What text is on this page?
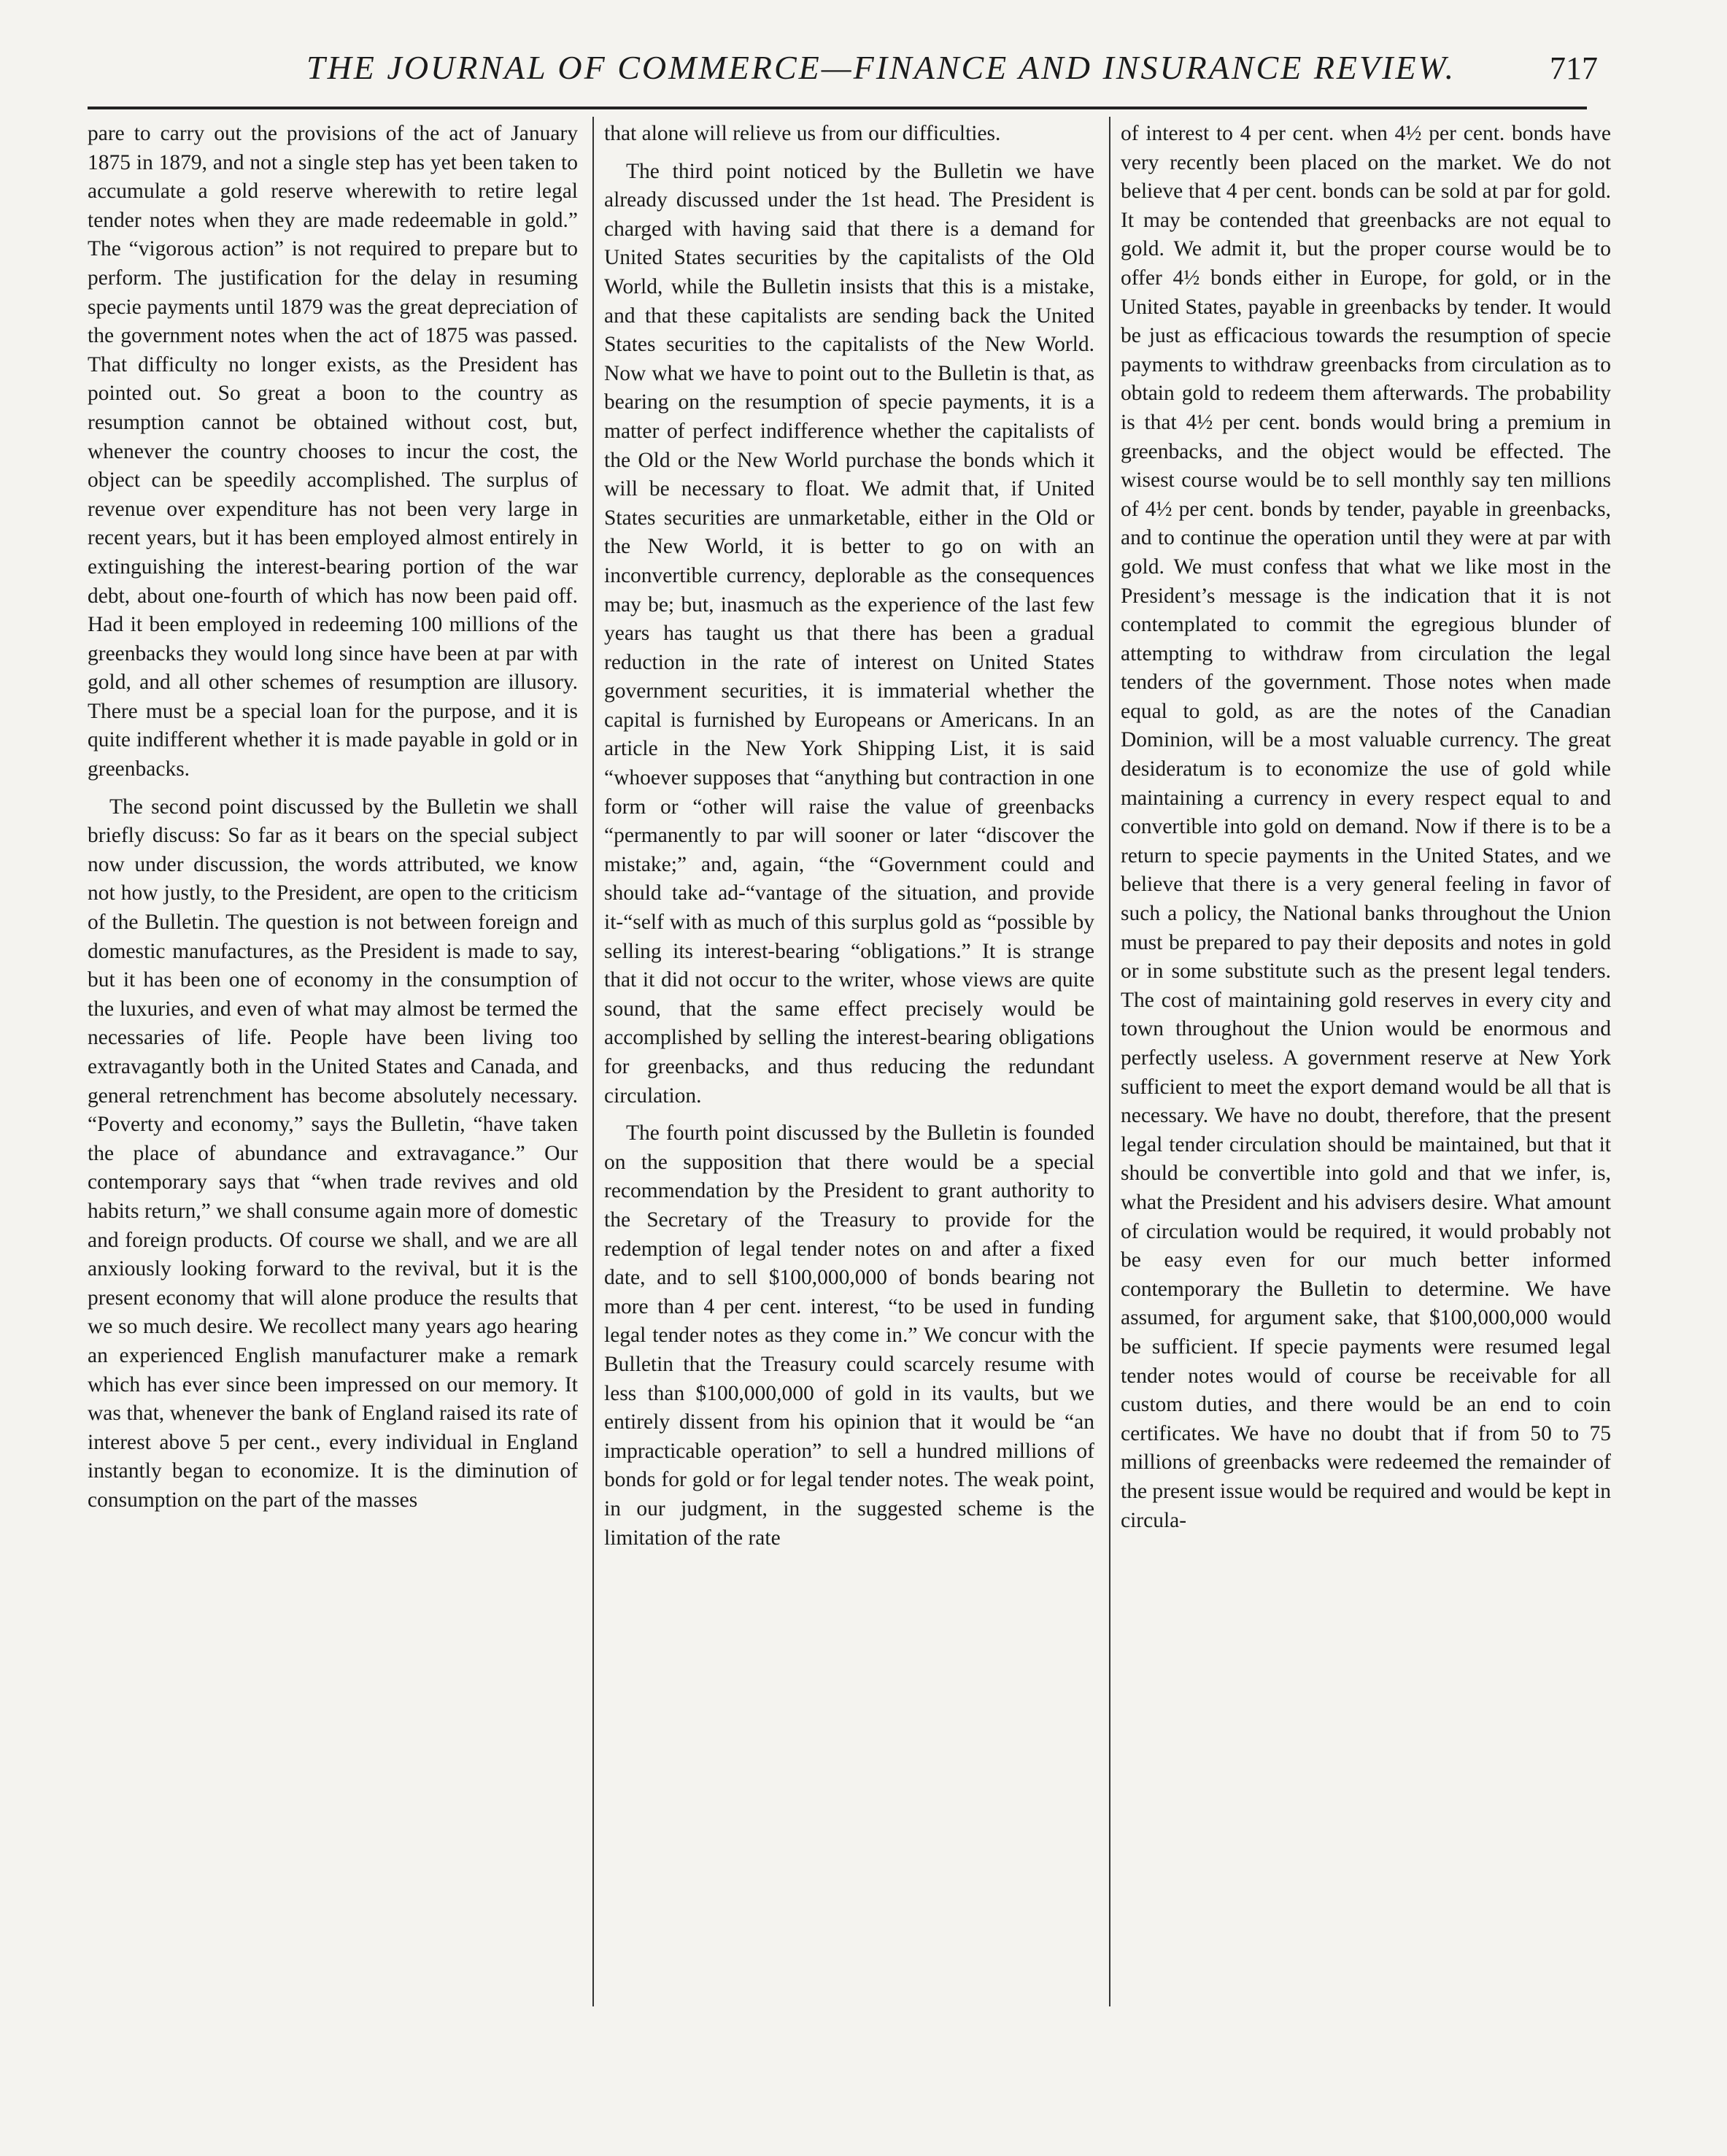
THE JOURNAL OF COMMERCE—FINANCE AND INSURANCE REVIEW.	717

pare to carry out the provisions of the act of January 1875 in 1879, and not a single step has yet been taken to accumulate a gold reserve wherewith to retire legal tender notes when they are made redeemable in gold.” The “vigorous action” is not required to prepare but to perform. The justification for the delay in resuming specie payments until 1879 was the great depreciation of the government notes when the act of 1875 was passed. That difficulty no longer exists, as the President has pointed out. So great a boon to the country as resumption cannot be obtained without cost, but, whenever the country chooses to incur the cost, the object can be speedily accomplished. The surplus of revenue over expenditure has not been very large in recent years, but it has been employed almost entirely in extinguishing the interest-bearing portion of the war debt, about one-fourth of which has now been paid off. Had it been employed in redeeming 100 millions of the greenbacks they would long since have been at par with gold, and all other schemes of resumption are illusory. There must be a special loan for the purpose, and it is quite indifferent whether it is made payable in gold or in greenbacks.

The second point discussed by the Bulletin we shall briefly discuss: So far as it bears on the special subject now under discussion, the words attributed, we know not how justly, to the President, are open to the criticism of the Bulletin. The question is not between foreign and domestic manufactures, as the President is made to say, but it has been one of economy in the consumption of the luxuries, and even of what may almost be termed the necessaries of life. People have been living too extravagantly both in the United States and Canada, and general retrenchment has become absolutely necessary. “Poverty and economy,” says the Bulletin, “have taken the place of abundance and extravagance.” Our contemporary says that “when trade revives and old habits return,” we shall consume again more of domestic and foreign products. Of course we shall, and we are all anxiously looking forward to the revival, but it is the present economy that will alone produce the results that we so much desire. We recollect many years ago hearing an experienced English manufacturer make a remark which has ever since been impressed on our memory. It was that, whenever the bank of England raised its rate of interest above 5 per cent., every individual in England instantly began to economize. It is the diminution of consumption on the part of the masses

that alone will relieve us from our difficulties.

The third point noticed by the Bulletin we have already discussed under the 1st head. The President is charged with having said that there is a demand for United States securities by the capitalists of the Old World, while the Bulletin insists that this is a mistake, and that these capitalists are sending back the United States securities to the capitalists of the New World. Now what we have to point out to the Bulletin is that, as bearing on the resumption of specie payments, it is a matter of perfect indifference whether the capitalists of the Old or the New World purchase the bonds which it will be necessary to float. We admit that, if United States securities are unmarketable, either in the Old or the New World, it is better to go on with an inconvertible currency, deplorable as the consequences may be; but, inasmuch as the experience of the last few years has taught us that there has been a gradual reduction in the rate of interest on United States government securities, it is immaterial whether the capital is furnished by Europeans or Americans. In an article in the New York Shipping List, it is said “whoever supposes that “anything but contraction in one form or “other will raise the value of greenbacks “permanently to par will sooner or later “discover the mistake;” and, again, “the “Government could and should take ad-“vantage of the situation, and provide it-“self with as much of this surplus gold as “possible by selling its interest-bearing “obligations.” It is strange that it did not occur to the writer, whose views are quite sound, that the same effect precisely would be accomplished by selling the interest-bearing obligations for greenbacks, and thus reducing the redundant circulation.

The fourth point discussed by the Bulletin is founded on the supposition that there would be a special recommendation by the President to grant authority to the Secretary of the Treasury to provide for the redemption of legal tender notes on and after a fixed date, and to sell $100,000,000 of bonds bearing not more than 4 per cent. interest, “to be used in funding legal tender notes as they come in.” We concur with the Bulletin that the Treasury could scarcely resume with less than $100,000,000 of gold in its vaults, but we entirely dissent from his opinion that it would be “an impracticable operation” to sell a hundred millions of bonds for gold or for legal tender notes. The weak point, in our judgment, in the suggested scheme is the limitation of the rate

of interest to 4 per cent. when 4½ per cent. bonds have very recently been placed on the market. We do not believe that 4 per cent. bonds can be sold at par for gold. It may be contended that greenbacks are not equal to gold. We admit it, but the proper course would be to offer 4½ bonds either in Europe, for gold, or in the United States, payable in greenbacks by tender. It would be just as efficacious towards the resumption of specie payments to withdraw greenbacks from circulation as to obtain gold to redeem them afterwards. The probability is that 4½ per cent. bonds would bring a premium in greenbacks, and the object would be effected. The wisest course would be to sell monthly say ten millions of 4½ per cent. bonds by tender, payable in greenbacks, and to continue the operation until they were at par with gold. We must confess that what we like most in the President’s message is the indication that it is not contemplated to commit the egregious blunder of attempting to withdraw from circulation the legal tenders of the government. Those notes when made equal to gold, as are the notes of the Canadian Dominion, will be a most valuable currency. The great desideratum is to economize the use of gold while maintaining a currency in every respect equal to and convertible into gold on demand. Now if there is to be a return to specie payments in the United States, and we believe that there is a very general feeling in favor of such a policy, the National banks throughout the Union must be prepared to pay their deposits and notes in gold or in some substitute such as the present legal tenders. The cost of maintaining gold reserves in every city and town throughout the Union would be enormous and perfectly useless. A government reserve at New York sufficient to meet the export demand would be all that is necessary. We have no doubt, therefore, that the present legal tender circulation should be maintained, but that it should be convertible into gold and that we infer, is, what the President and his advisers desire. What amount of circulation would be required, it would probably not be easy even for our much better informed contemporary the Bulletin to determine. We have assumed, for argument sake, that $100,000,000 would be sufficient. If specie payments were resumed legal tender notes would of course be receivable for all custom duties, and there would be an end to coin certificates. We have no doubt that if from 50 to 75 millions of greenbacks were redeemed the remainder of the present issue would be required and would be kept in circula-
